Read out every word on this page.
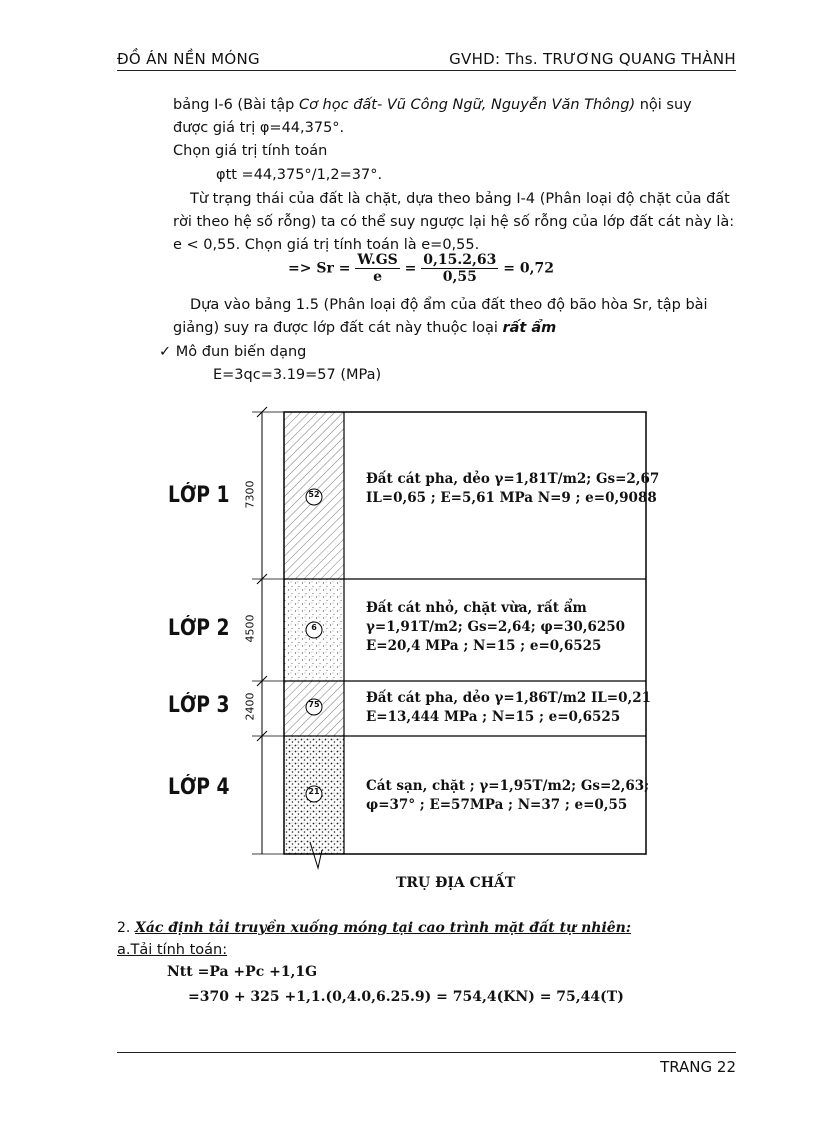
ĐỒ ÁN NỀN MÓNG	GVHD: Ths. TRƯƠNG QUANG THÀNH
bảng I-6 (Bài tập Cơ học đất- Vũ Công Ngữ, Nguyễn Văn Thông) nội suy
được giá trị φ=44,375°.
Chọn giá trị tính toán
φtt =44,375°/1,2=37°.
Từ trạng thái của đất là chặt, dựa theo bảng I-4 (Phân loại độ chặt của đất
rời theo hệ số rỗng) ta có thể suy ngược lại hệ số rỗng của lớp đất cát này là:
e < 0,55. Chọn giá trị tính toán là e=0,55.
Dựa vào bảng 1.5 (Phân loại độ ẩm của đất theo độ bão hòa Sr, tập bài
giảng) suy ra được lớp đất cát này thuộc loại rất ẩm
✓ Mô đun biến dạng
E=3qc=3.19=57 (MPa)
=> $Sr = \frac{W.GS}{e} = \frac{0,15.2,63}{0,55} = 0,72$
52
6
75
21
LỚP 1
LỚP 2
LỚP 3
LỚP 4
7300
4500
2400
Đất cát pha, dẻo γ=1,81T/m2; Gs=2,67
IL=0,65 ; E=5,61 MPa N=9 ; e=0,9088
Đất cát nhỏ, chặt vừa, rất ẩm
γ=1,91T/m2; Gs=2,64; φ=30,6250
E=20,4 MPa ; N=15 ; e=0,6525
Đất cát pha, dẻo γ=1,86T/m2 IL=0,21
E=13,444 MPa ; N=15 ; e=0,6525
Cát sạn, chặt ; γ=1,95T/m2; Gs=2,63;
φ=37° ; E=57MPa ; N=37 ; e=0,55
TRỤ ĐỊA CHẤT
2. Xác định tải truyền xuống móng tại cao trình mặt đất tự nhiên:
a.Tải tính toán:
Ntt =Pa +Pc +1,1G
=370 + 325 +1,1.(0,4.0,6.25.9) = 754,4(KN) = 75,44(T)
TRANG 22
